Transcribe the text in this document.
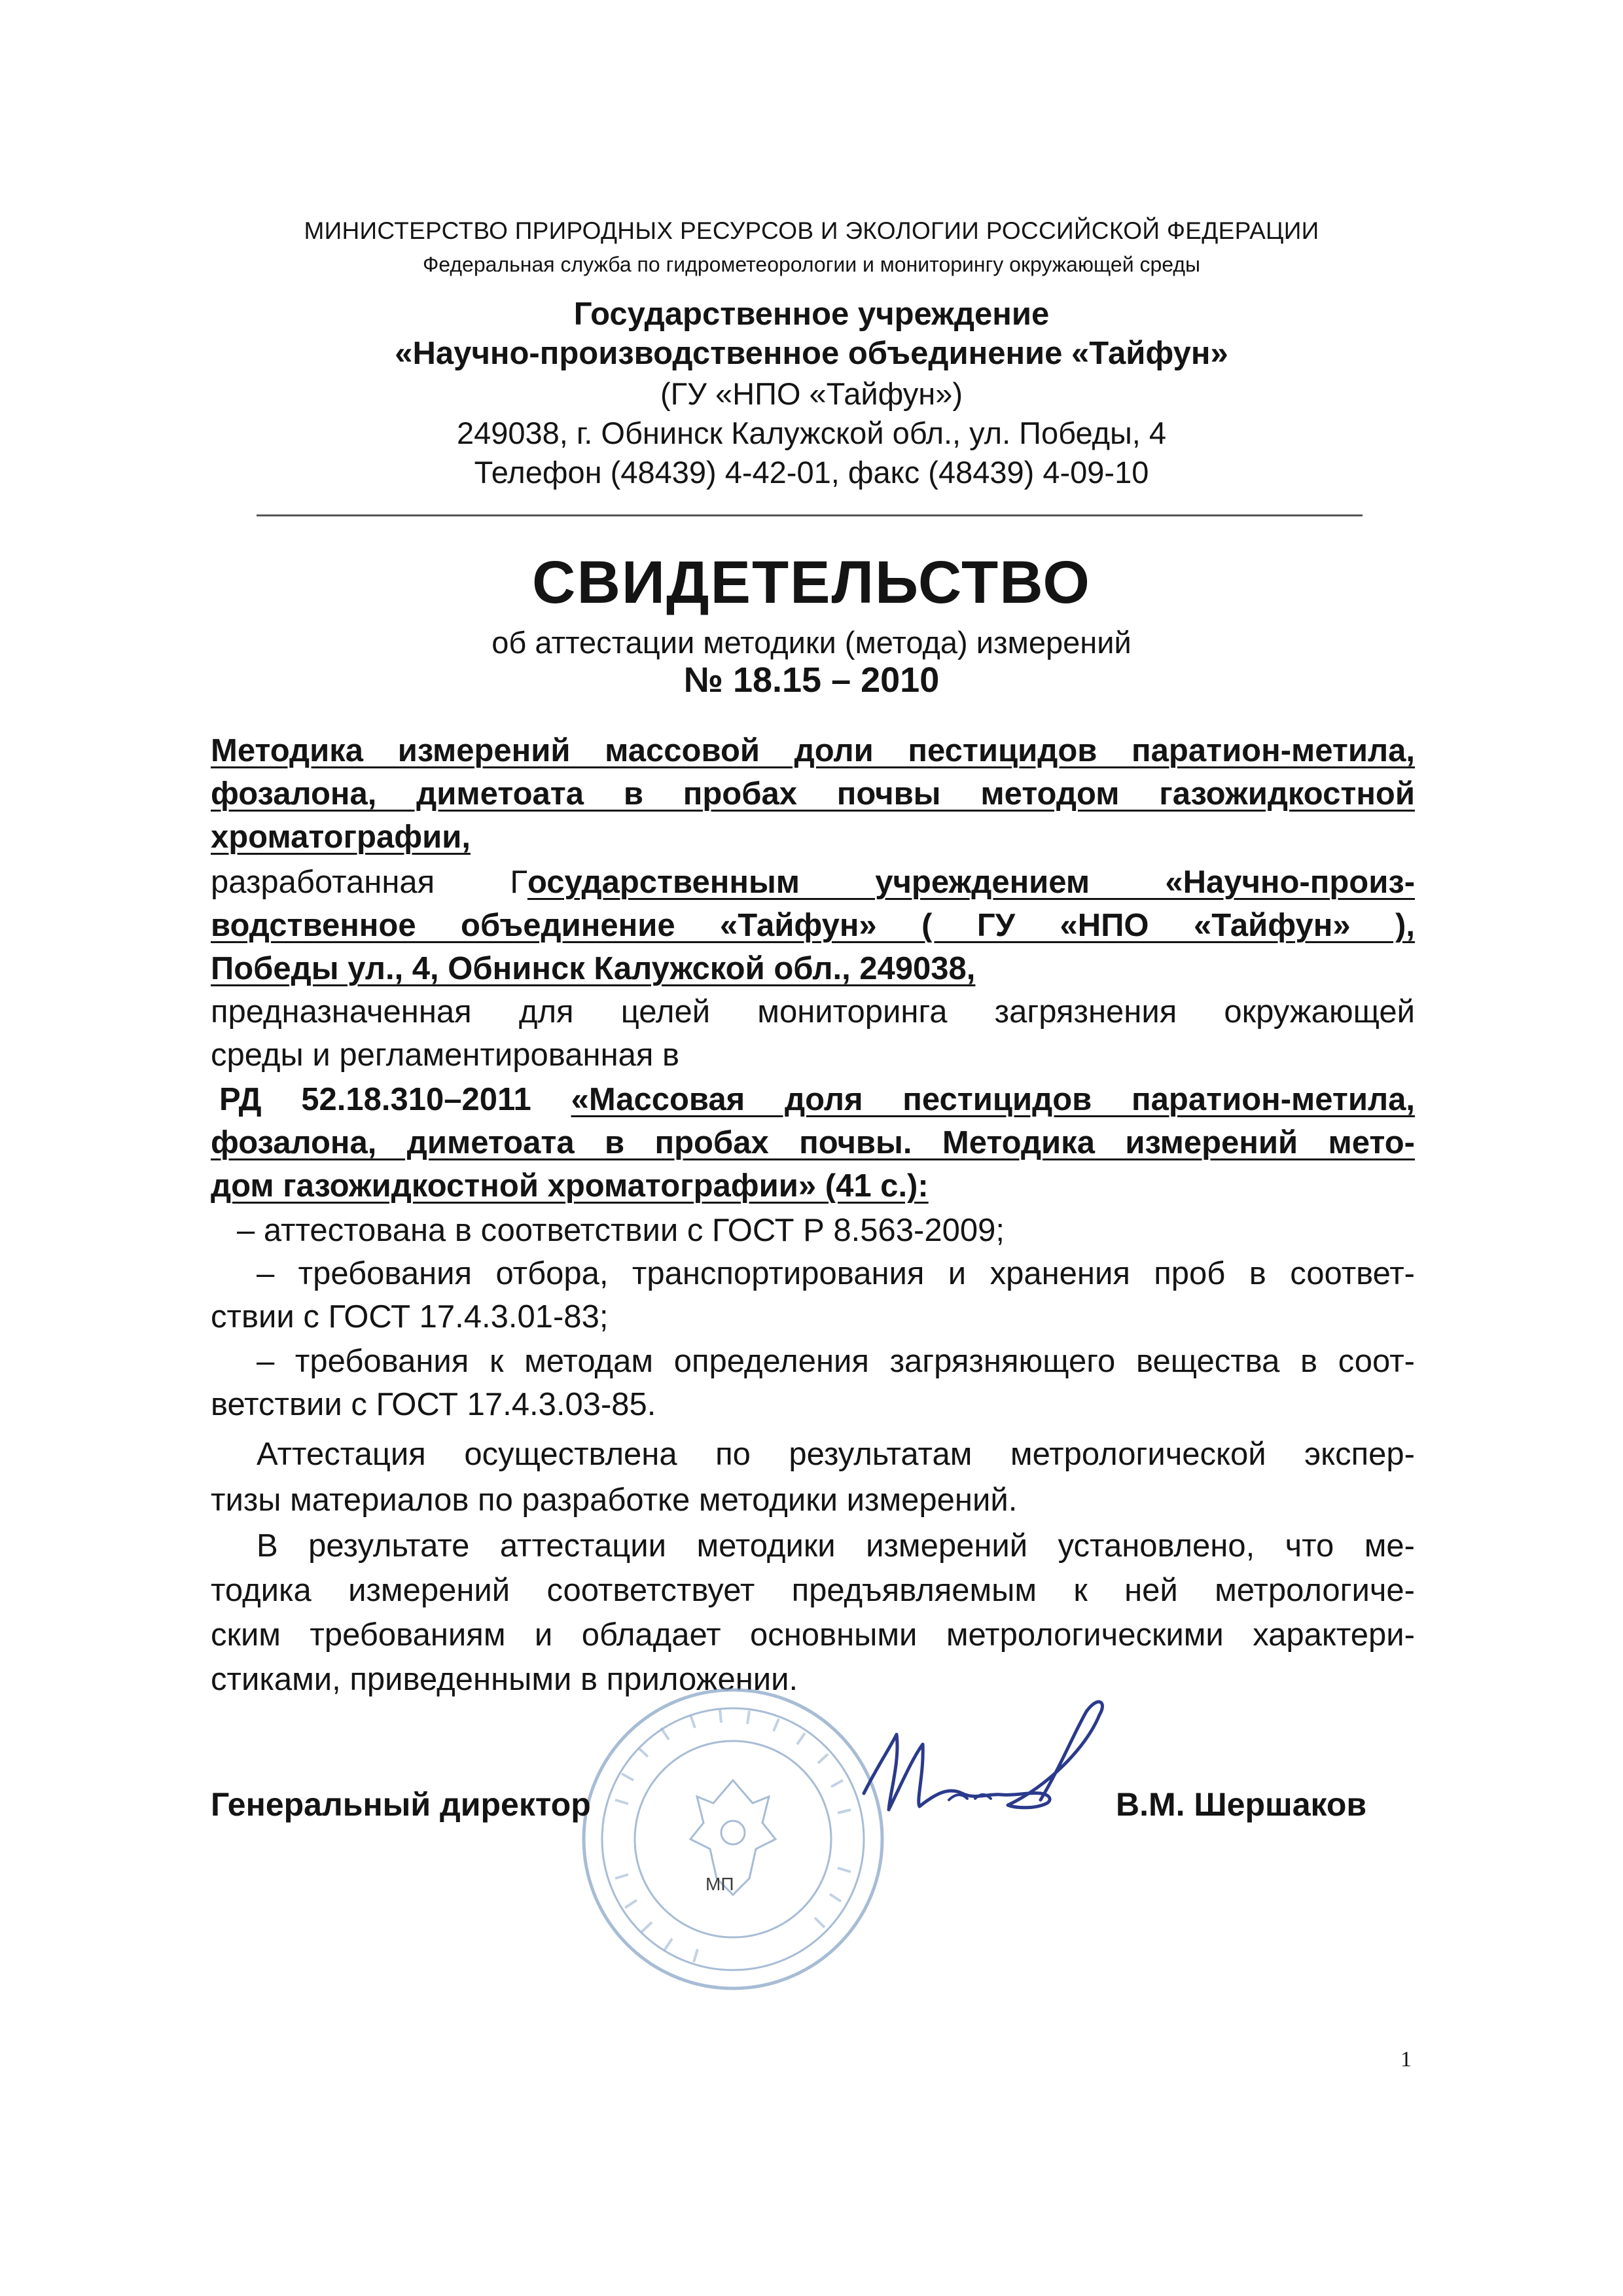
МИНИСТЕРСТВО ПРИРОДНЫХ РЕСУРСОВ И ЭКОЛОГИИ РОССИЙСКОЙ ФЕДЕРАЦИИ
Федеральная служба по гидрометеорологии и мониторингу окружающей среды
Государственное учреждение
«Научно-производственное объединение «Тайфун»
(ГУ «НПО «Тайфун»)
249038, г. Обнинск Калужской обл., ул. Победы, 4
Телефон (48439) 4-42-01, факс (48439) 4-09-10
СВИДЕТЕЛЬСТВО
об аттестации методики (метода) измерений
№ 18.15 – 2010
Методика измерений массовой доли пестицидов паратион-метила,
фозалона, диметоата в пробах почвы методом газожидкостной
хроматографии,
разработанная Государственным учреждением «Научно-произ-
водственное объединение «Тайфун» ( ГУ «НПО «Тайфун» ),
Победы ул., 4, Обнинск Калужской обл., 249038,
предназначенная для целей мониторинга загрязнения окружающей
среды и регламентированная в
РД 52.18.310–2011 «Массовая доля пестицидов паратион-метила,
фозалона, диметоата в пробах почвы. Методика измерений мето-
дом газожидкостной хроматографии» (41 с.):
– аттестована в соответствии с ГОСТ Р 8.563-2009;
– требования отбора, транспортирования и хранения проб в соответ-
ствии с ГОСТ 17.4.3.01-83;
– требования к методам определения загрязняющего вещества в соот-
ветствии с ГОСТ 17.4.3.03-85.
Аттестация осуществлена по результатам метрологической экспер-
тизы материалов по разработке методики измерений.
В результате аттестации методики измерений установлено, что ме-
тодика измерений соответствует предъявляемым к ней метрологиче-
ским требованиям и обладает основными метрологическими характери-
стиками, приведенными в приложении.
МП
Генеральный директор	В.М. Шершаков
1
